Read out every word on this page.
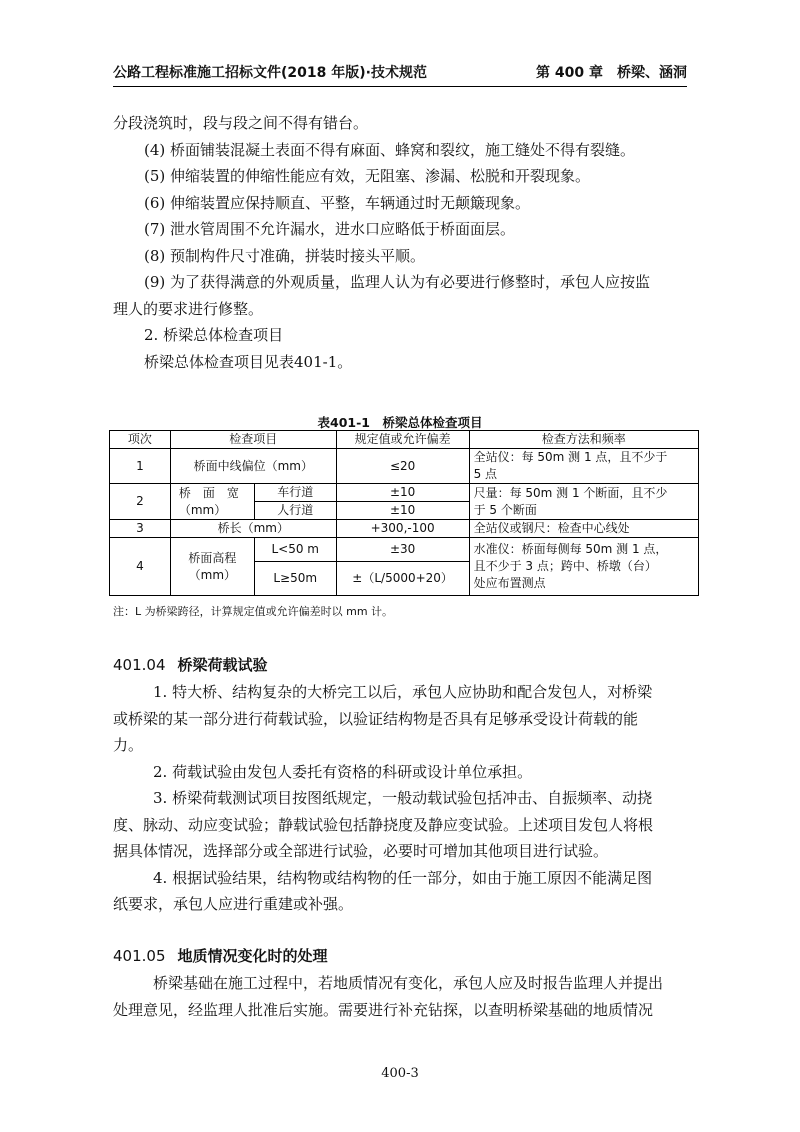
公路工程标准施工招标文件(2018 年版)·技术规范	第 400 章　桥梁、涵洞

分段浇筑时，段与段之间不得有错台。

(4) 桥面铺装混凝土表面不得有麻面、蜂窝和裂纹，施工缝处不得有裂缝。

(5) 伸缩装置的伸缩性能应有效，无阻塞、渗漏、松脱和开裂现象。

(6) 伸缩装置应保持顺直、平整，车辆通过时无颠簸现象。

(7) 泄水管周围不允许漏水，进水口应略低于桥面面层。

(8) 预制构件尺寸准确，拼装时接头平顺。

(9) 为了获得满意的外观质量，监理人认为有必要进行修整时，承包人应按监

理人的要求进行修整。

2. 桥梁总体检查项目

桥梁总体检查项目见表401-1。

表401-1　桥梁总体检查项目
项次	检查项目		规定值或允许偏差	检查方法和频率
1	桥面中线偏位（mm）		≤20	全站仪：每 50m 测 1 点，且不少于
5 点
2	桥　面　宽
（mm）	车行道	±10	尺量：每 50m 测 1 个断面，且不少
于 5 个断面
		人行道	±10	
3	桥长（mm）		+300,-100	全站仪或钢尺：检查中心线处
4	桥面高程
（mm）	L<50 m	±30	水准仪：桥面每侧每 50m 测 1 点，
且不少于 3 点；跨中、桥墩（台）
处应布置测点
		L≥50m	±（L/5000+20）	
注：L 为桥梁跨径，计算规定值或允许偏差时以 mm 计。
401.04 桥梁荷载试验

1. 特大桥、结构复杂的大桥完工以后，承包人应协助和配合发包人，对桥梁

或桥梁的某一部分进行荷载试验，以验证结构物是否具有足够承受设计荷载的能

力。

2. 荷载试验由发包人委托有资格的科研或设计单位承担。

3. 桥梁荷载测试项目按图纸规定，一般动载试验包括冲击、自振频率、动挠

度、脉动、动应变试验；静载试验包括静挠度及静应变试验。上述项目发包人将根

据具体情况，选择部分或全部进行试验，必要时可增加其他项目进行试验。

4. 根据试验结果，结构物或结构物的任一部分，如由于施工原因不能满足图

纸要求，承包人应进行重建或补强。

401.05 地质情况变化时的处理

桥梁基础在施工过程中，若地质情况有变化，承包人应及时报告监理人并提出

处理意见，经监理人批准后实施。需要进行补充钻探，以查明桥梁基础的地质情况

400-3
